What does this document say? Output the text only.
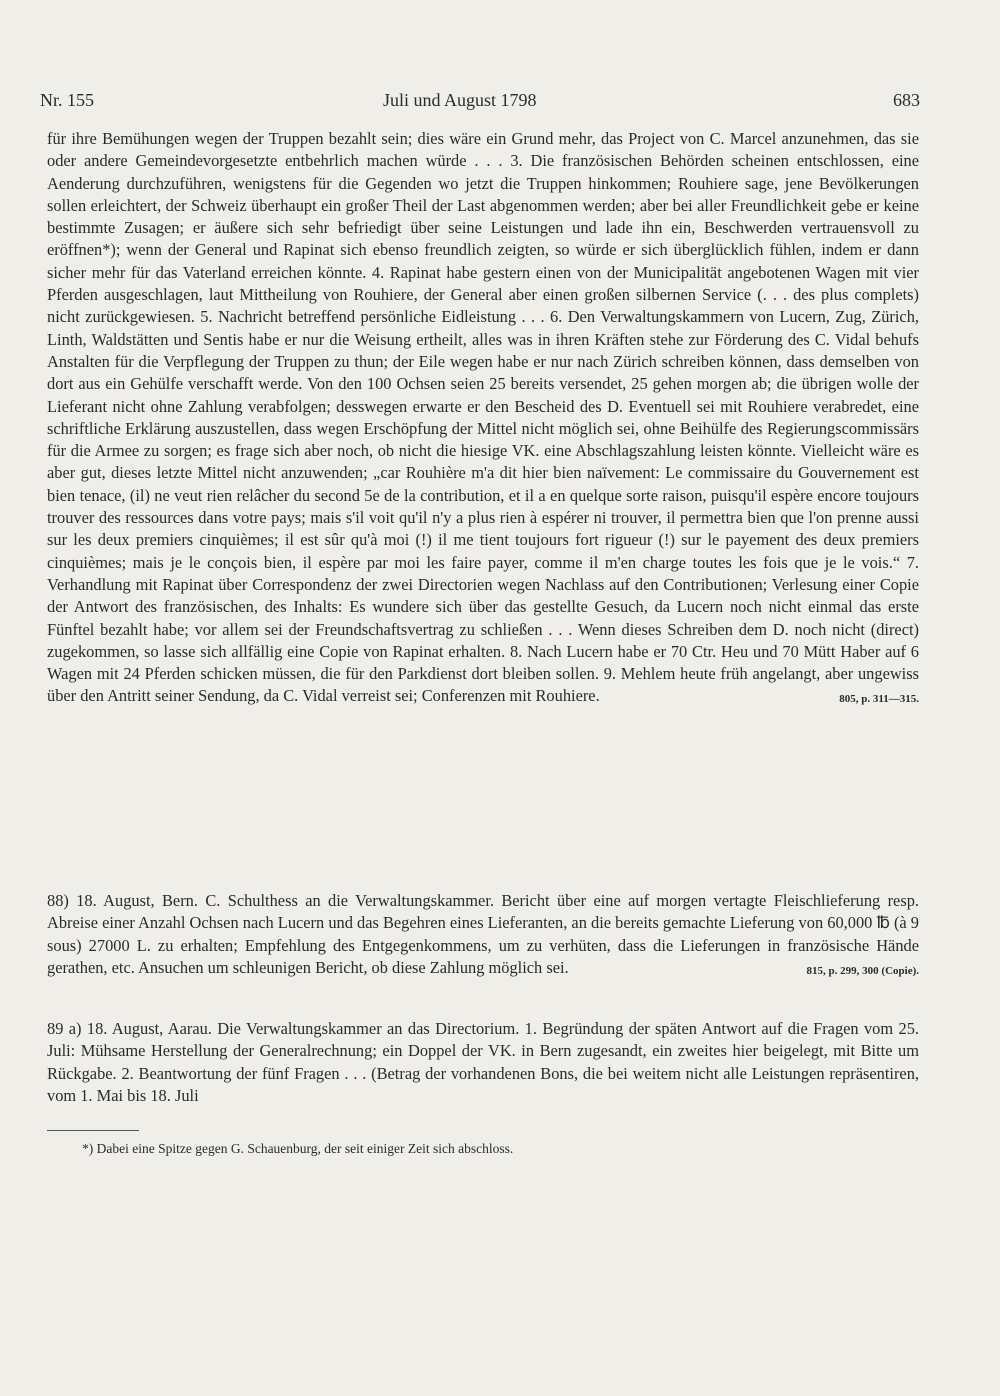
Nr. 155	Juli und August 1798	683

für ihre Bemühungen wegen der Truppen bezahlt sein; dies wäre ein Grund mehr, das Project von C. Marcel anzunehmen, das sie oder andere Gemeindevorgesetzte entbehrlich machen würde . . . 3. Die französischen Behörden scheinen entschlossen, eine Aenderung durchzuführen, wenigstens für die Gegenden wo jetzt die Truppen hinkommen; Rouhiere sage, jene Bevölkerungen sollen erleichtert, der Schweiz überhaupt ein großer Theil der Last abgenommen werden; aber bei aller Freundlichkeit gebe er keine bestimmte Zusagen; er äußere sich sehr befriedigt über seine Leistungen und lade ihn ein, Beschwerden vertrauensvoll zu eröffnen*); wenn der General und Rapinat sich ebenso freundlich zeigten, so würde er sich überglücklich fühlen, indem er dann sicher mehr für das Vaterland erreichen könnte. 4. Rapinat habe gestern einen von der Municipalität angebotenen Wagen mit vier Pferden ausgeschlagen, laut Mittheilung von Rouhiere, der General aber einen großen silbernen Service (. . . des plus complets) nicht zurückgewiesen. 5. Nachricht betreffend persönliche Eidleistung . . . 6. Den Verwaltungskammern von Lucern, Zug, Zürich, Linth, Waldstätten und Sentis habe er nur die Weisung ertheilt, alles was in ihren Kräften stehe zur Förderung des C. Vidal behufs Anstalten für die Verpflegung der Truppen zu thun; der Eile wegen habe er nur nach Zürich schreiben können, dass demselben von dort aus ein Gehülfe verschafft werde. Von den 100 Ochsen seien 25 bereits versendet, 25 gehen morgen ab; die übrigen wolle der Lieferant nicht ohne Zahlung verabfolgen; desswegen erwarte er den Bescheid des D. Eventuell sei mit Rouhiere verabredet, eine schriftliche Erklärung auszustellen, dass wegen Erschöpfung der Mittel nicht möglich sei, ohne Beihülfe des Regierungscommissärs für die Armee zu sorgen; es frage sich aber noch, ob nicht die hiesige VK. eine Abschlagszahlung leisten könnte. Vielleicht wäre es aber gut, dieses letzte Mittel nicht anzuwenden; „car Rouhière m'a dit hier bien naïvement: Le commissaire du Gouvernement est bien tenace, (il) ne veut rien relâcher du second 5e de la contribution, et il a en quelque sorte raison, puisqu'il espère encore toujours trouver des ressources dans votre pays; mais s'il voit qu'il n'y a plus rien à espérer ni trouver, il permettra bien que l'on prenne aussi sur les deux premiers cinquièmes; il est sûr qu'à moi (!) il me tient toujours fort rigueur (!) sur le payement des deux premiers cinquièmes; mais je le conçois bien, il espère par moi les faire payer, comme il m'en charge toutes les fois que je le vois.“ 7. Verhandlung mit Rapinat über Correspondenz der zwei Directorien wegen Nachlass auf den Contributionen; Verlesung einer Copie der Antwort des französischen, des Inhalts: Es wundere sich über das gestellte Gesuch, da Lucern noch nicht einmal das erste Fünftel bezahlt habe; vor allem sei der Freundschaftsvertrag zu schließen . . . Wenn dieses Schreiben dem D. noch nicht (direct) zugekommen, so lasse sich allfällig eine Copie von Rapinat erhalten. 8. Nach Lucern habe er 70 Ctr. Heu und 70 Mütt Haber auf 6 Wagen mit 24 Pferden schicken müssen, die für den Parkdienst dort bleiben sollen. 9. Mehlem heute früh angelangt, aber ungewiss über den Antritt seiner Sendung, da C. Vidal verreist sei; Conferenzen mit Rouhiere.	805, p. 311—315.

88) 18. August, Bern. C. Schulthess an die Verwaltungskammer. Bericht über eine auf morgen vertagte Fleischlieferung resp. Abreise einer Anzahl Ochsen nach Lucern und das Begehren eines Lieferanten, an die bereits gemachte Lieferung von 60,000 ℔ (à 9 sous) 27000 L. zu erhalten; Empfehlung des Entgegenkommens, um zu verhüten, dass die Lieferungen in französische Hände gerathen, etc. Ansuchen um schleunigen Bericht, ob diese Zahlung möglich sei.	815, p. 299, 300 (Copie).

89 a) 18. August, Aarau. Die Verwaltungskammer an das Directorium. 1. Begründung der späten Antwort auf die Fragen vom 25. Juli: Mühsame Herstellung der Generalrechnung; ein Doppel der VK. in Bern zugesandt, ein zweites hier beigelegt, mit Bitte um Rückgabe. 2. Beantwortung der fünf Fragen . . . (Betrag der vorhandenen Bons, die bei weitem nicht alle Leistungen repräsentiren, vom 1. Mai bis 18. Juli

*) Dabei eine Spitze gegen G. Schauenburg, der seit einiger Zeit sich abschloss.
